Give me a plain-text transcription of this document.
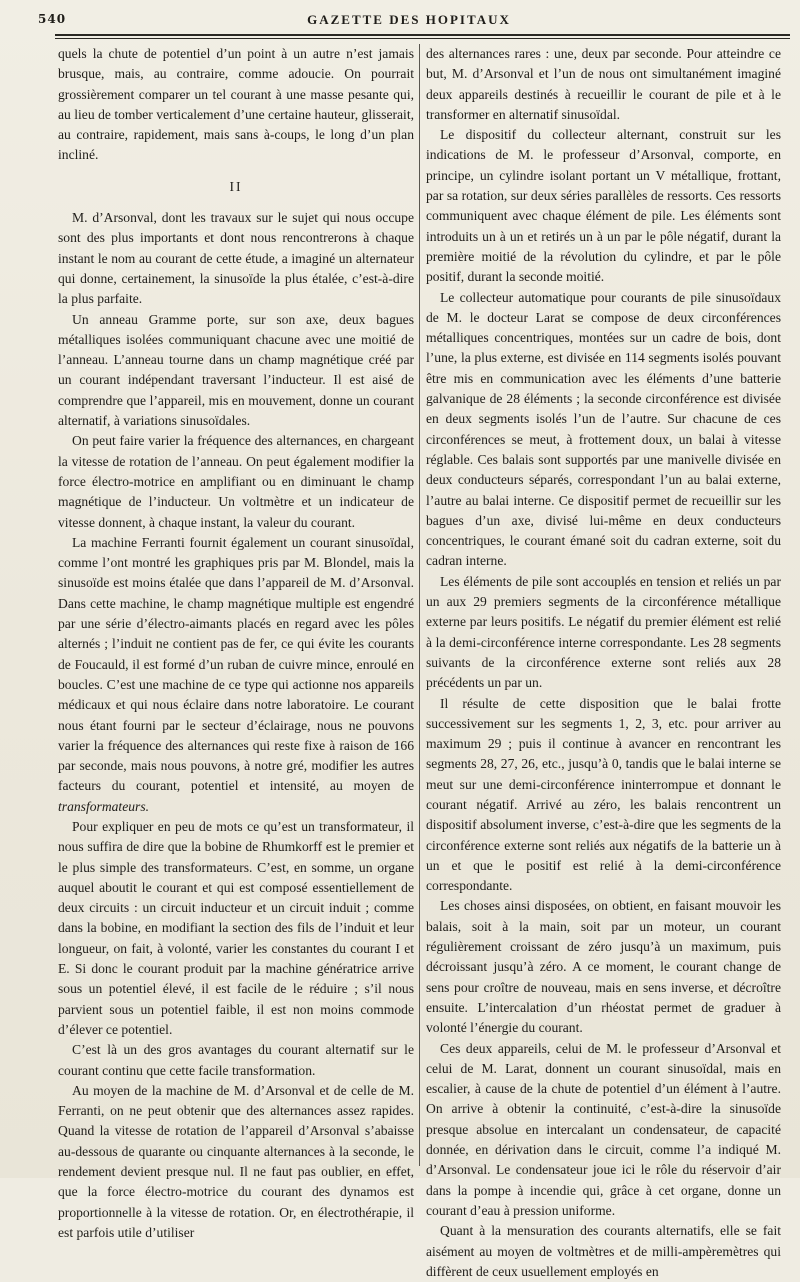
540	GAZETTE DES HOPITAUX

quels la chute de potentiel d’un point à un autre n’est jamais brusque, mais, au contraire, comme adoucie. On pourrait grossièrement comparer un tel courant à une masse pesante qui, au lieu de tomber verticalement d’une certaine hauteur, glisserait, au contraire, rapidement, mais sans à-coups, le long d’un plan incliné.

II

M. d’Arsonval, dont les travaux sur le sujet qui nous occupe sont des plus importants et dont nous rencontrerons à chaque instant le nom au courant de cette étude, a imaginé un alternateur qui donne, certainement, la sinusoïde la plus étalée, c’est-à-dire la plus parfaite.

Un anneau Gramme porte, sur son axe, deux bagues métalliques isolées communiquant chacune avec une moitié de l’anneau. L’anneau tourne dans un champ magnétique créé par un courant indépendant traversant l’inducteur. Il est aisé de comprendre que l’appareil, mis en mouvement, donne un courant alternatif, à variations sinusoïdales.

On peut faire varier la fréquence des alternances, en chargeant la vitesse de rotation de l’anneau. On peut également modifier la force électro-motrice en amplifiant ou en diminuant le champ magnétique de l’inducteur. Un voltmètre et un indicateur de vitesse donnent, à chaque instant, la valeur du courant.

La machine Ferranti fournit également un courant sinusoïdal, comme l’ont montré les graphiques pris par M. Blondel, mais la sinusoïde est moins étalée que dans l’appareil de M. d’Arsonval. Dans cette machine, le champ magnétique multiple est engendré par une série d’électro-aimants placés en regard avec les pôles alternés ; l’induit ne contient pas de fer, ce qui évite les courants de Foucauld, il est formé d’un ruban de cuivre mince, enroulé en boucles. C’est une machine de ce type qui actionne nos appareils médicaux et qui nous éclaire dans notre laboratoire. Le courant nous étant fourni par le secteur d’éclairage, nous ne pouvons varier la fréquence des alternances qui reste fixe à raison de 166 par seconde, mais nous pouvons, à notre gré, modifier les autres facteurs du courant, potentiel et intensité, au moyen de transformateurs.

Pour expliquer en peu de mots ce qu’est un transformateur, il nous suffira de dire que la bobine de Rhumkorff est le premier et le plus simple des transformateurs. C’est, en somme, un organe auquel aboutit le courant et qui est composé essentiellement de deux circuits : un circuit inducteur et un circuit induit ; comme dans la bobine, en modifiant la section des fils de l’induit et leur longueur, on fait, à volonté, varier les constantes du courant I et E. Si donc le courant produit par la machine génératrice arrive sous un potentiel élevé, il est facile de le réduire ; s’il nous parvient sous un potentiel faible, il est non moins commode d’élever ce potentiel.

C’est là un des gros avantages du courant alternatif sur le courant continu que cette facile transformation.

Au moyen de la machine de M. d’Arsonval et de celle de M. Ferranti, on ne peut obtenir que des alternances assez rapides. Quand la vitesse de rotation de l’appareil d’Arsonval s’abaisse au-dessous de quarante ou cinquante alternances à la seconde, le rendement devient presque nul. Il ne faut pas oublier, en effet, que la force électro-motrice du courant des dynamos est proportionnelle à la vitesse de rotation. Or, en électrothérapie, il est parfois utile d’utiliser

des alternances rares : une, deux par seconde. Pour atteindre ce but, M. d’Arsonval et l’un de nous ont simultanément imaginé deux appareils destinés à recueillir le courant de pile et à le transformer en alternatif sinusoïdal.

Le dispositif du collecteur alternant, construit sur les indications de M. le professeur d’Arsonval, comporte, en principe, un cylindre isolant portant un V métallique, frottant, par sa rotation, sur deux séries parallèles de ressorts. Ces ressorts communiquent avec chaque élément de pile. Les éléments sont introduits un à un et retirés un à un par le pôle négatif, durant la première moitié de la révolution du cylindre, et par le pôle positif, durant la seconde moitié.

Le collecteur automatique pour courants de pile sinusoïdaux de M. le docteur Larat se compose de deux circonférences métalliques concentriques, montées sur un cadre de bois, dont l’une, la plus externe, est divisée en 114 segments isolés pouvant être mis en communication avec les éléments d’une batterie galvanique de 28 éléments ; la seconde circonférence est divisée en deux segments isolés l’un de l’autre. Sur chacune de ces circonférences se meut, à frottement doux, un balai à vitesse réglable. Ces balais sont supportés par une manivelle divisée en deux conducteurs séparés, correspondant l’un au balai externe, l’autre au balai interne. Ce dispositif permet de recueillir sur les bagues d’un axe, divisé lui-même en deux conducteurs concentriques, le courant émané soit du cadran externe, soit du cadran interne.

Les éléments de pile sont accouplés en tension et reliés un par un aux 29 premiers segments de la circonférence métallique externe par leurs positifs. Le négatif du premier élément est relié à la demi-circonférence interne correspondante. Les 28 segments suivants de la circonférence externe sont reliés aux 28 précédents un par un.

Il résulte de cette disposition que le balai frotte successivement sur les segments 1, 2, 3, etc. pour arriver au maximum 29 ; puis il continue à avancer en rencontrant les segments 28, 27, 26, etc., jusqu’à 0, tandis que le balai interne se meut sur une demi-circonférence ininterrompue et donnant le courant négatif. Arrivé au zéro, les balais rencontrent un dispositif absolument inverse, c’est-à-dire que les segments de la circonférence externe sont reliés aux négatifs de la batterie un à un et que le positif est relié à la demi-circonférence correspondante.

Les choses ainsi disposées, on obtient, en faisant mouvoir les balais, soit à la main, soit par un moteur, un courant régulièrement croissant de zéro jusqu’à un maximum, puis décroissant jusqu’à zéro. A ce moment, le courant change de sens pour croître de nouveau, mais en sens inverse, et décroître ensuite. L’intercalation d’un rhéostat permet de graduer à volonté l’énergie du courant.

Ces deux appareils, celui de M. le professeur d’Arsonval et celui de M. Larat, donnent un courant sinusoïdal, mais en escalier, à cause de la chute de potentiel d’un élément à l’autre. On arrive à obtenir la continuité, c’est-à-dire la sinusoïde presque absolue en intercalant un condensateur, de capacité donnée, en dérivation dans le circuit, comme l’a indiqué M. d’Arsonval. Le condensateur joue ici le rôle du réservoir d’air dans la pompe à incendie qui, grâce à cet organe, donne un courant d’eau à pression uniforme.

Quant à la mensuration des courants alternatifs, elle se fait aisément au moyen de voltmètres et de milli-ampèremètres qui diffèrent de ceux usuellement employés en
